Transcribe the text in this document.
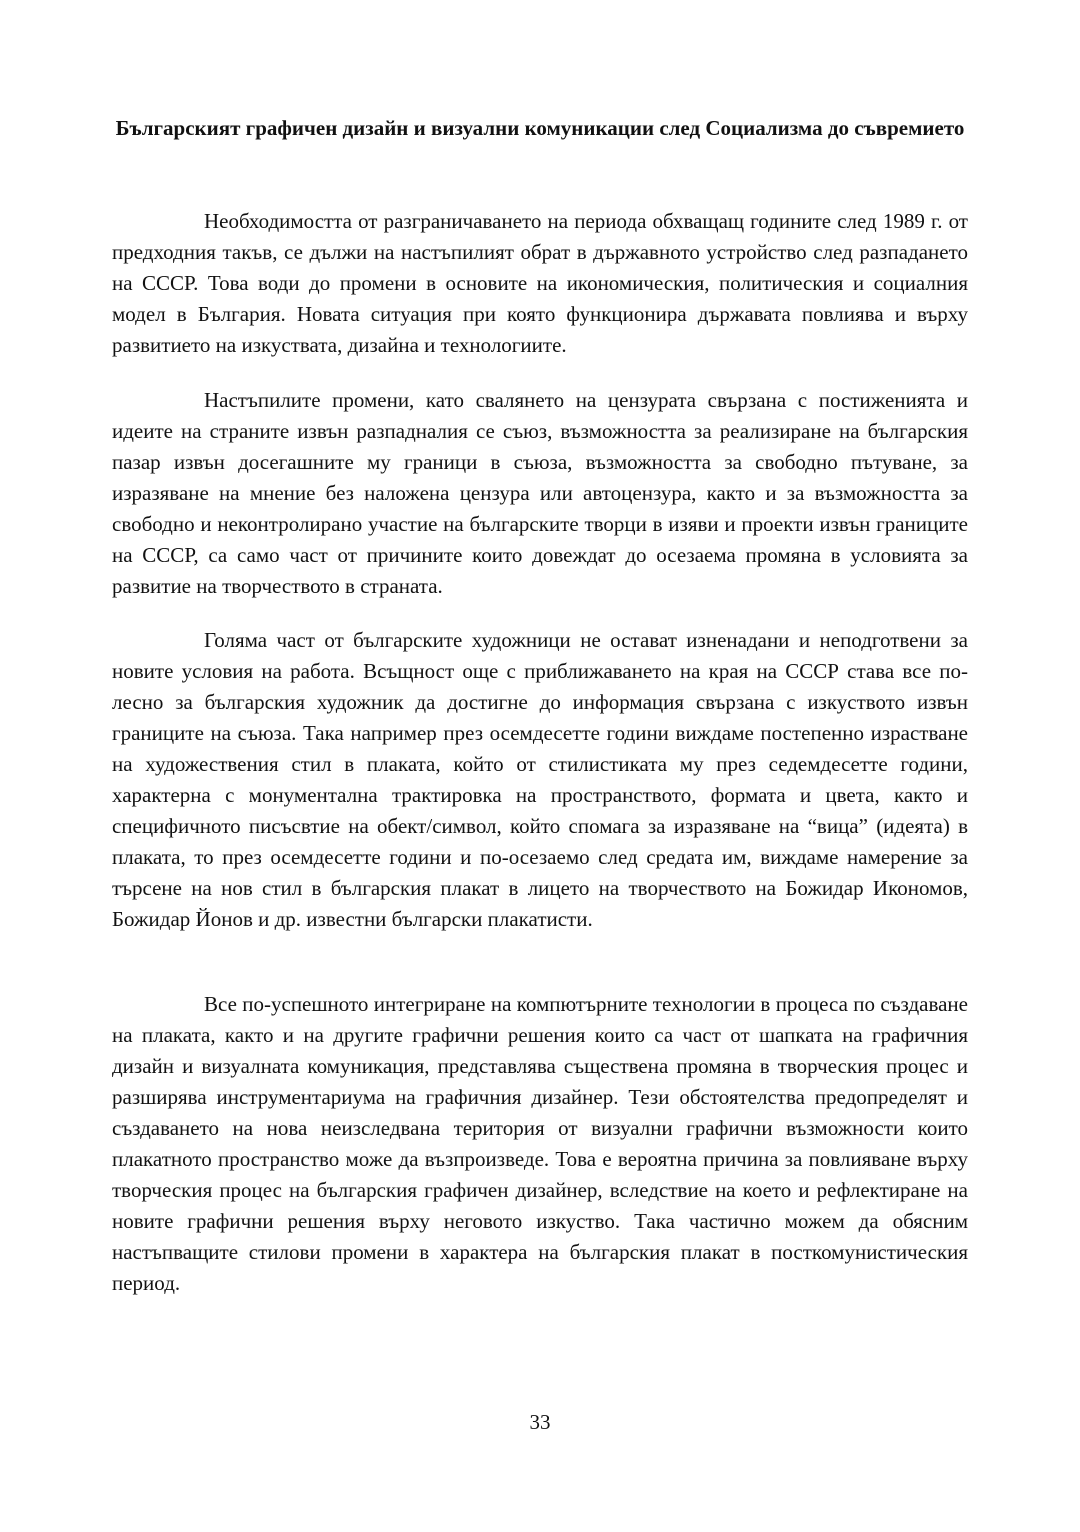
Българският графичен дизайн и визуални комуникации след Социализма до съвремието

Необходимостта от разграничаването на периода обхващащ годините след 1989 г. от предходния такъв, се дължи на настъпилият обрат в държавното устройство след разпадането на СССР. Това води до промени в основите на икономическия, политическия и социалния модел в България. Новата ситуация при която функционира държавата повлиява и върху развитието на изкуствата, дизайна и технологиите.

Настъпилите промени, като свалянето на цензурата свързана с постиженията и идеите на страните извън разпадналия се съюз, възможността за реализиране на българския пазар извън досегашните му граници в съюза, възможността за свободно пътуване, за изразяване на мнение без наложена цензура или автоцензура, както и за възможността за свободно и неконтролирано участие на българските творци в изяви и проекти извън границите на СССР, са само част от причините които довеждат до осезаема промяна в условията за развитие на творчеството в страната.

Голяма част от българските художници не остават изненадани и неподготвени за новите условия на работа. Всъщност още с приближаването на края на СССР става все по-лесно за българския художник да достигне до информация свързана с изкуството извън границите на съюза. Така например през осемдесетте години виждаме постепенно израстване на художествения стил в плаката, който от стилистиката му през седемдесетте години, характерна с монументална трактировка на пространството, формата и цвета, както и специфичното писъсвтие на обект/символ, който спомага за изразяване на “вица” (идеята) в плаката, то през осемдесетте години и по-осезаемо след средата им, виждаме намерение за търсене на нов стил в българския плакат в лицето на творчеството на Божидар Икономов, Божидар Йонов и др. известни български плакатисти.

Все по-успешното интегриране на компютърните технологии в процеса по създаване на плаката, както и на другите графични решения които са част от шапката на графичния дизайн и визуалната комуникация, представлява съществена промяна в творческия процес и разширява инструментариума на графичния дизайнер. Тези обстоятелства предопределят и създаването на нова неизследвана територия от визуални графични възможности които плакатното пространство може да възпроизведе. Това е вероятна причина за повлияване върху творческия процес на българския графичен дизайнер, вследствие на което и рефлектиране на новите графични решения върху неговото изкуство. Така частично можем да обясним настъпващите стилови промени в характера на българския плакат в посткомунистическия период.

33
